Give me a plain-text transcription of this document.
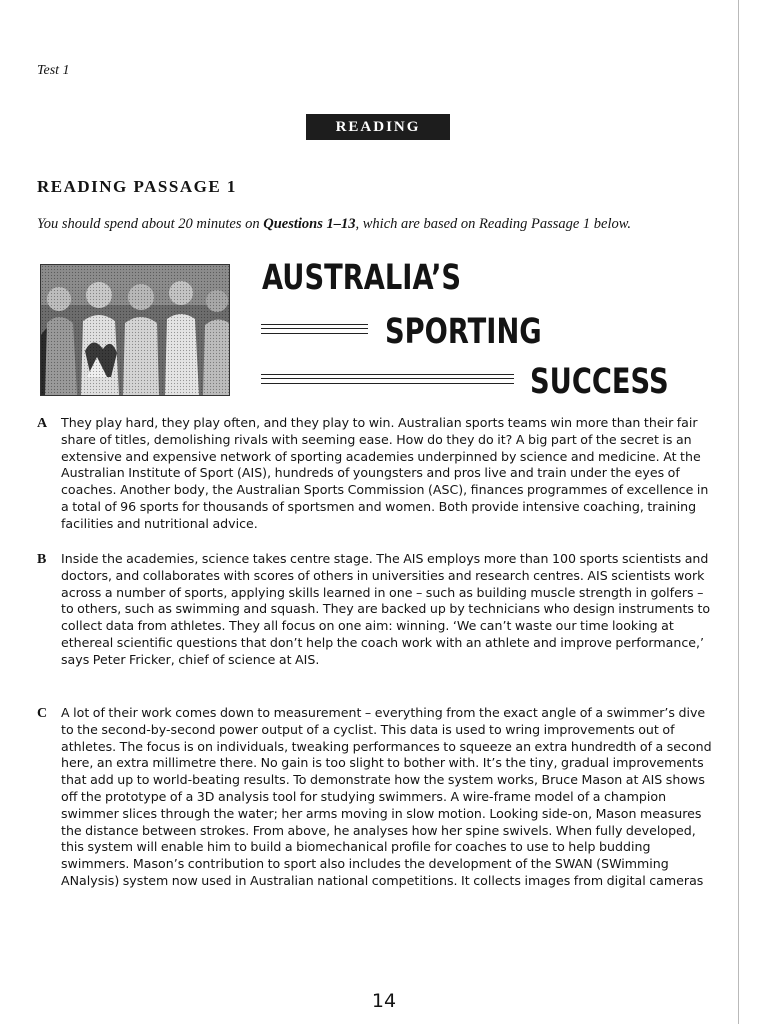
Test 1
READING
READING PASSAGE 1
You should spend about 20 minutes on Questions 1–13, which are based on Reading Passage 1 below.
AUSTRALIA’S
SPORTING
SUCCESS
A They play hard, they play often, and they play to win. Australian sports teams win more than their fair share of titles, demolishing rivals with seeming ease. How do they do it? A big part of the secret is an extensive and expensive network of sporting academies underpinned by science and medicine. At the Australian Institute of Sport (AIS), hundreds of youngsters and pros live and train under the eyes of coaches. Another body, the Australian Sports Commission (ASC), finances programmes of excellence in a total of 96 sports for thousands of sportsmen and women. Both provide intensive coaching, training facilities and nutritional advice.
B Inside the academies, science takes centre stage. The AIS employs more than 100 sports scientists and doctors, and collaborates with scores of others in universities and research centres. AIS scientists work across a number of sports, applying skills learned in one – such as building muscle strength in golfers – to others, such as swimming and squash. They are backed up by technicians who design instruments to collect data from athletes. They all focus on one aim: winning. ‘We can’t waste our time looking at ethereal scientific questions that don’t help the coach work with an athlete and improve performance,’ says Peter Fricker, chief of science at AIS.
C A lot of their work comes down to measurement – everything from the exact angle of a swimmer’s dive to the second-by-second power output of a cyclist. This data is used to wring improvements out of athletes. The focus is on individuals, tweaking performances to squeeze an extra hundredth of a second here, an extra millimetre there. No gain is too slight to bother with. It’s the tiny, gradual improvements that add up to world-beating results. To demonstrate how the system works, Bruce Mason at AIS shows off the prototype of a 3D analysis tool for studying swimmers. A wire-frame model of a champion swimmer slices through the water; her arms moving in slow motion. Looking side-on, Mason measures the distance between strokes. From above, he analyses how her spine swivels. When fully developed, this system will enable him to build a biomechanical profile for coaches to use to help budding swimmers. Mason’s contribution to sport also includes the development of the SWAN (SWimming ANalysis) system now used in Australian national competitions. It collects images from digital cameras
14
